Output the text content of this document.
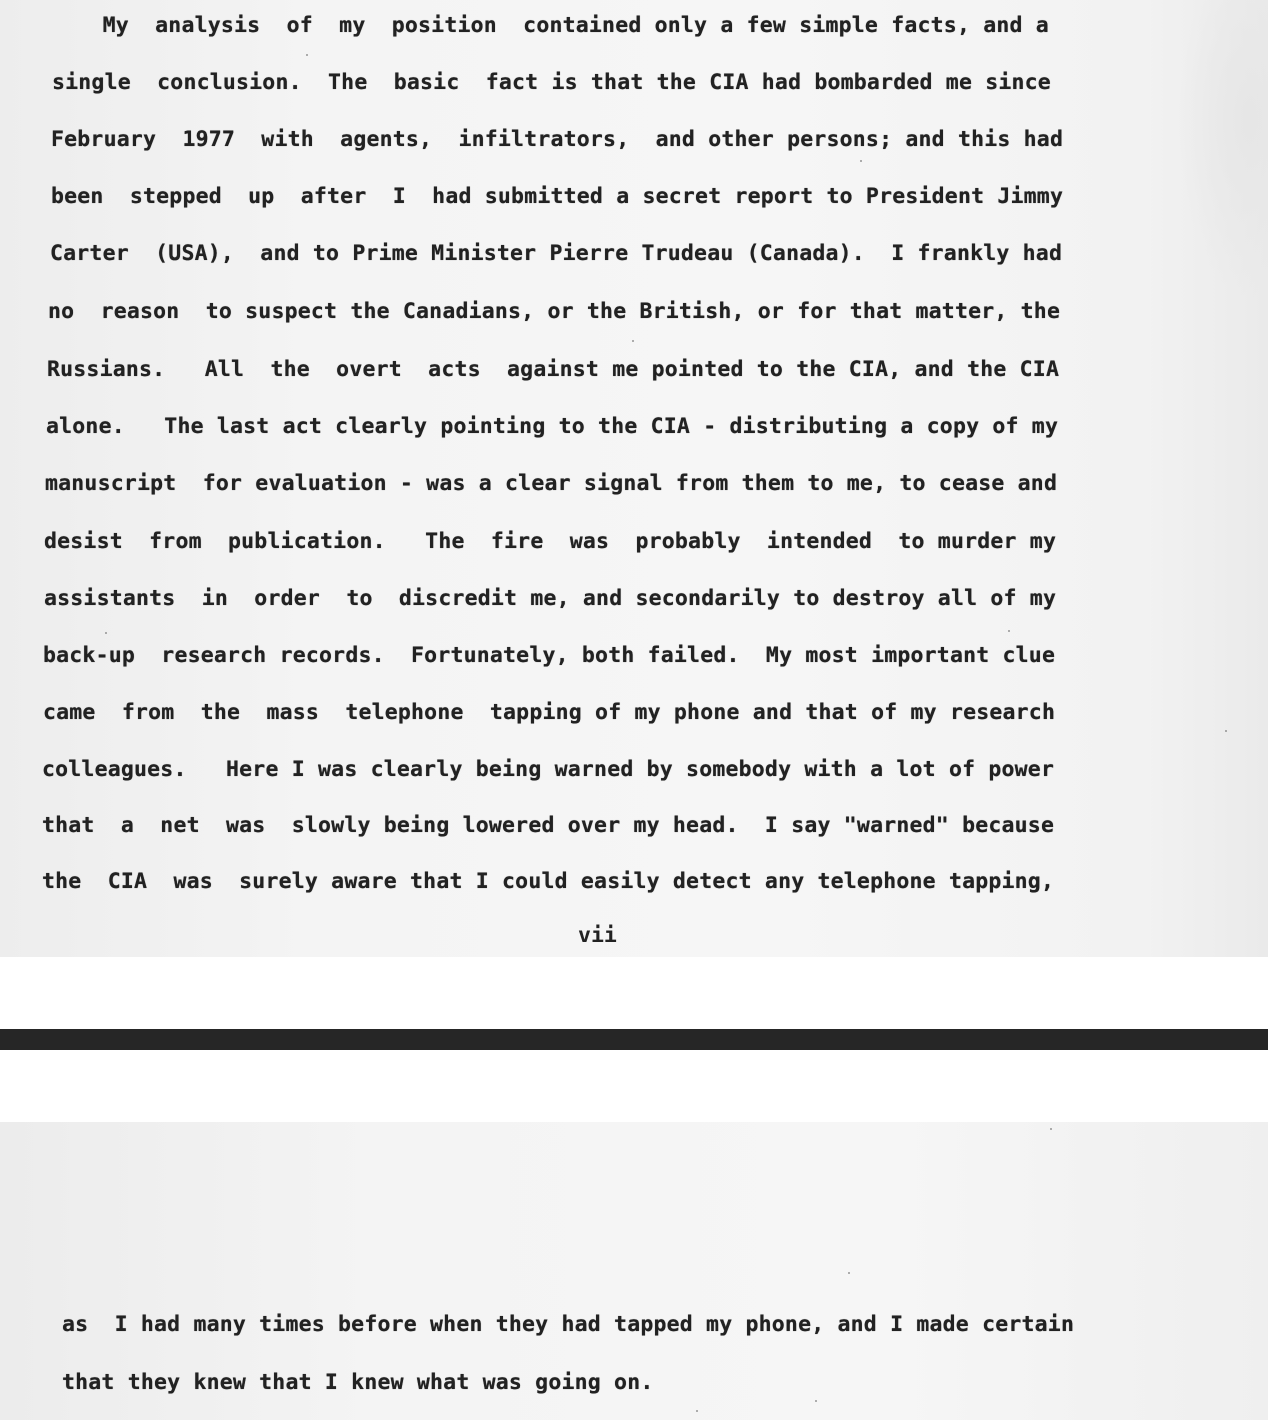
My  analysis  of  my  position  contained only a few simple facts, and a
single  conclusion.  The  basic  fact is that the CIA had bombarded me since
February  1977  with  agents,  infiltrators,  and other persons; and this had
been  stepped  up  after  I  had submitted a secret report to President Jimmy
Carter  (USA),  and to Prime Minister Pierre Trudeau (Canada).  I frankly had
no  reason  to suspect the Canadians, or the British, or for that matter, the
Russians.   All  the  overt  acts  against me pointed to the CIA, and the CIA
alone.   The last act clearly pointing to the CIA - distributing a copy of my
manuscript  for evaluation - was a clear signal from them to me, to cease and
desist  from  publication.   The  fire  was  probably  intended  to murder my
assistants  in  order  to  discredit me, and secondarily to destroy all of my
back-up  research records.  Fortunately, both failed.  My most important clue
came  from  the  mass  telephone  tapping of my phone and that of my research
colleagues.   Here I was clearly being warned by somebody with a lot of power
that  a  net  was  slowly being lowered over my head.  I say "warned" because
the  CIA  was  surely aware that I could easily detect any telephone tapping,
vii
as  I had many times before when they had tapped my phone, and I made certain
that they knew that I knew what was going on.
